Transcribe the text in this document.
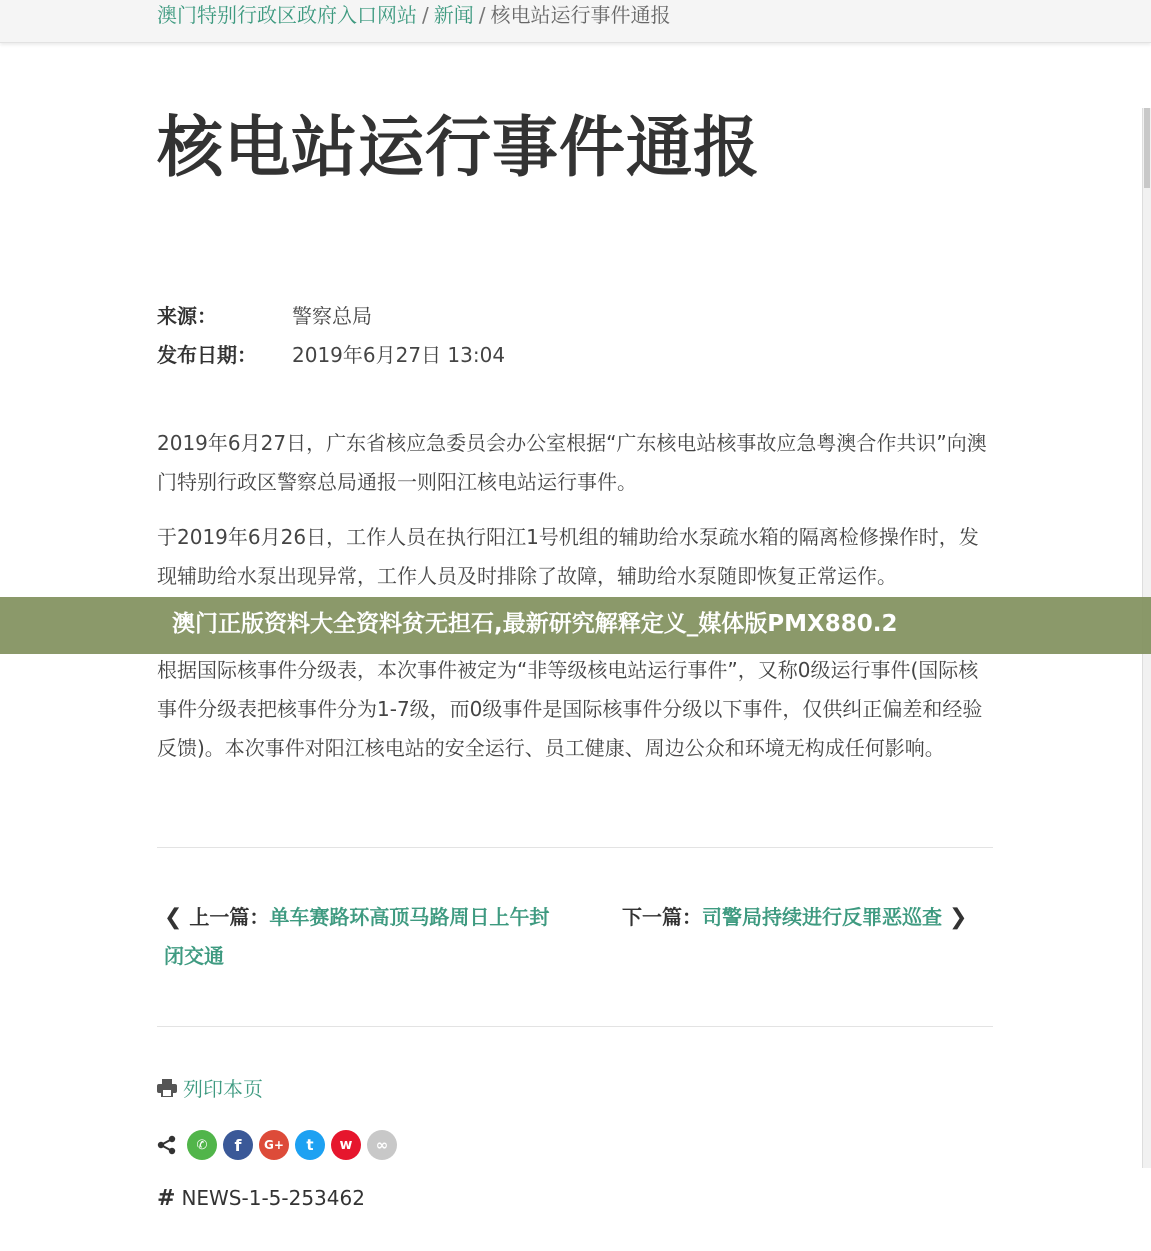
澳门特别行政区政府入口网站 / 新闻 / 核电站运行事件通报
核电站运行事件通报
来源：	警察总局
发布日期： 2019年6月27日 13:04

2019年6月27日，广东省核应急委员会办公室根据“广东核电站核事故应急粤澳合作共识”向澳门特别行政区警察总局通报一则阳江核电站运行事件。

于2019年6月26日，工作人员在执行阳江1号机组的辅助给水泵疏水箱的隔离检修操作时，发现辅助给水泵出现异常，工作人员及时排除了故障，辅助给水泵随即恢复正常运作。

根据国际核事件分级表，本次事件被定为“非等级核电站运行事件”，又称0级运行事件(国际核事件分级表把核事件分为1-7级，而0级事件是国际核事件分级以下事件，仅供纠正偏差和经验反馈)。本次事件对阳江核电站的安全运行、员工健康、周边公众和环境无构成任何影响。

澳门正版资料大全资料贫无担石,最新研究解释定义_媒体版PMX880.2
❮ 上一篇：单车赛路环高顶马路周日上午封闭交通
下一篇：司警局持续进行反罪恶巡查 ❯
列印本页
✆	f	G+	t	w	∞
# NEWS-1-5-253462
